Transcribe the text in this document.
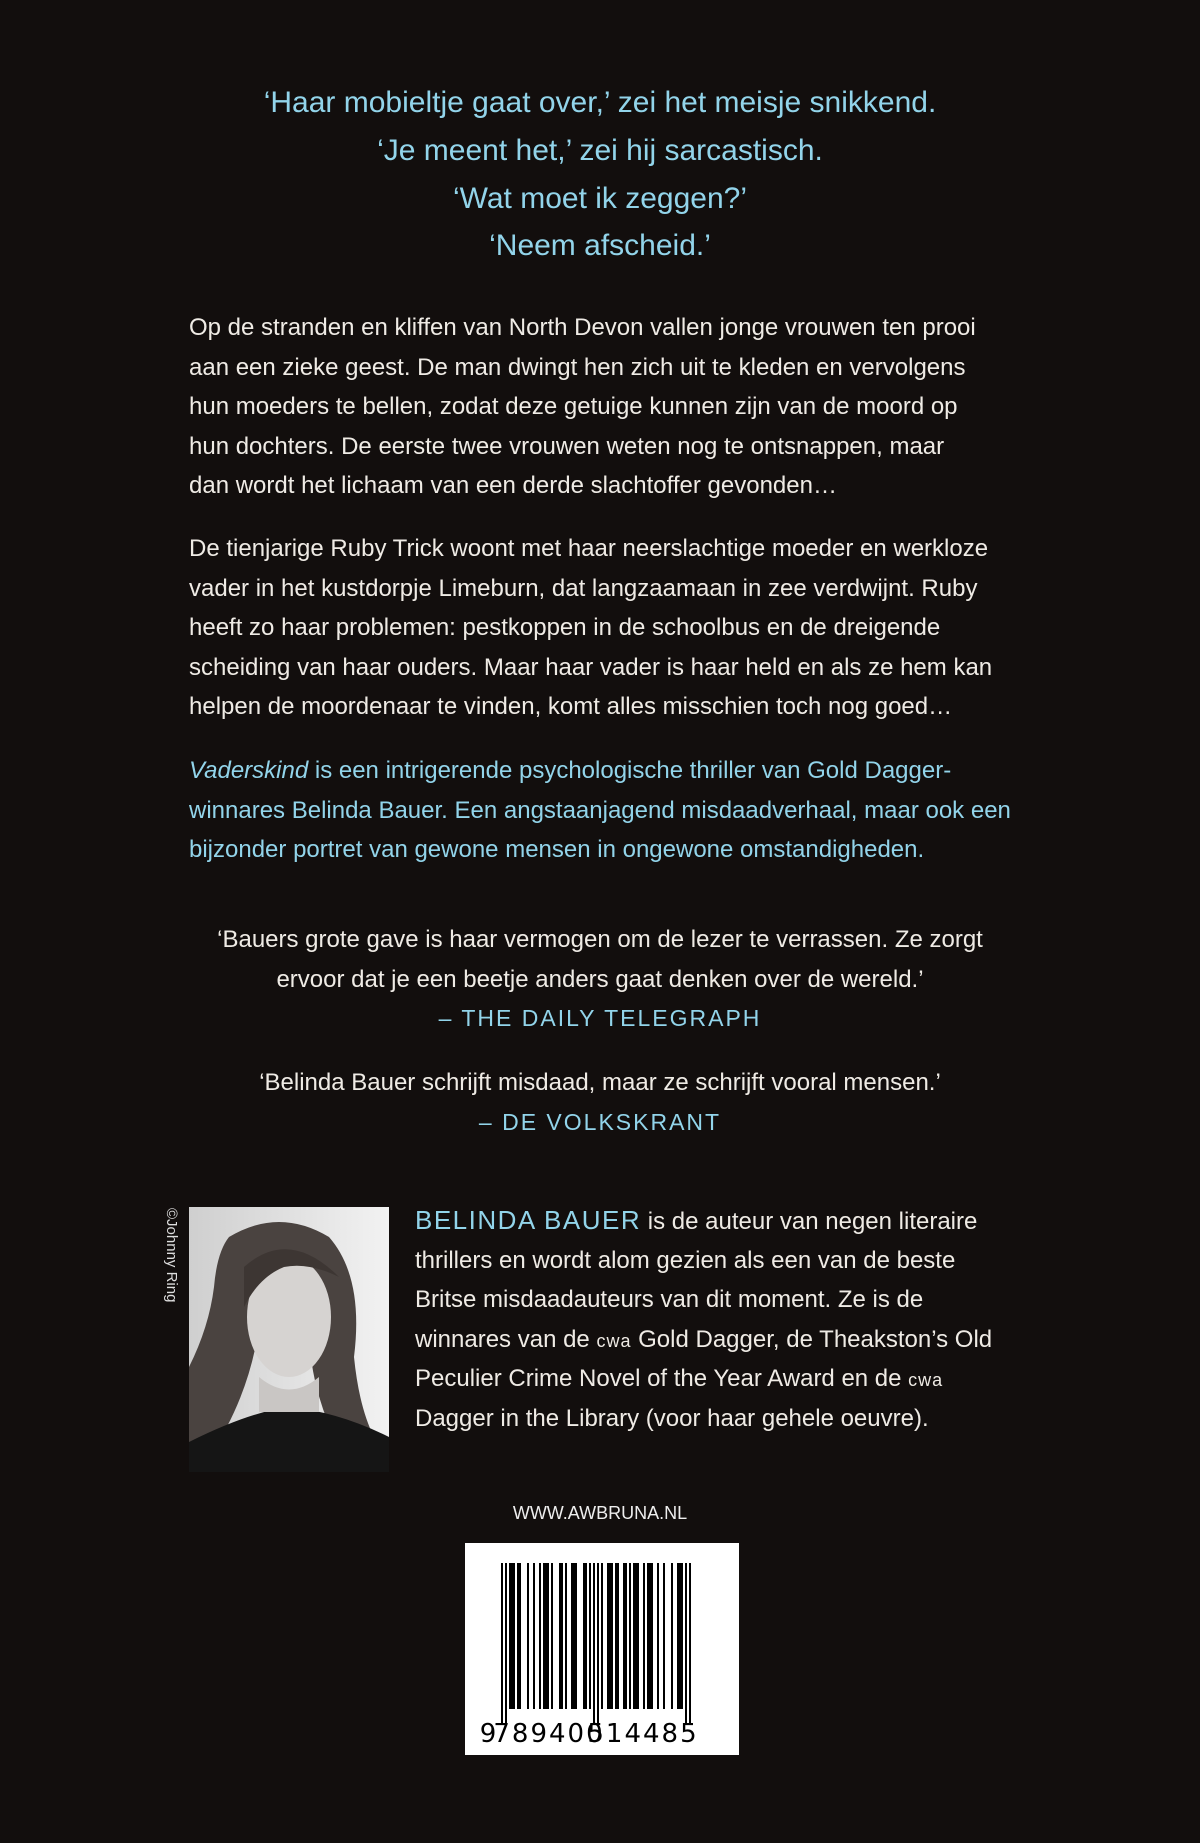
‘Haar mobieltje gaat over,’ zei het meisje snikkend.
‘Je meent het,’ zei hij sarcastisch.
‘Wat moet ik zeggen?’
‘Neem afscheid.’
Op de stranden en kliffen van North Devon vallen jonge vrouwen ten prooi
aan een zieke geest. De man dwingt hen zich uit te kleden en vervolgens
hun moeders te bellen, zodat deze getuige kunnen zijn van de moord op
hun dochters. De eerste twee vrouwen weten nog te ontsnappen, maar
dan wordt het lichaam van een derde slachtoffer gevonden…
De tienjarige Ruby Trick woont met haar neerslachtige moeder en werkloze
vader in het kustdorpje Limeburn, dat langzaamaan in zee verdwijnt. Ruby
heeft zo haar problemen: pestkoppen in de schoolbus en de dreigende
scheiding van haar ouders. Maar haar vader is haar held en als ze hem kan
helpen de moordenaar te vinden, komt alles misschien toch nog goed…
Vaderskind is een intrigerende psychologische thriller van Gold Dagger-
winnares Belinda Bauer. Een angstaanjagend misdaadverhaal, maar ook een
bijzonder portret van gewone mensen in ongewone omstandigheden.
‘Bauers grote gave is haar vermogen om de lezer te verrassen. Ze zorgt
ervoor dat je een beetje anders gaat denken over de wereld.’
– THE DAILY TELEGRAPH
‘Belinda Bauer schrijft misdaad, maar ze schrijft vooral mensen.’
– DE VOLKSKRANT
©Johnny Ring	BELINDA BAUER is de auteur van negen literaire
thrillers en wordt alom gezien als een van de beste
Britse misdaadauteurs van dit moment. Ze is de
winnares van de cwa Gold Dagger, de Theakston’s Old
Peculier Crime Novel of the Year Award en de cwa
Dagger in the Library (voor haar gehele oeuvre).
WWW.AWBRUNA.NL
9
789400
514485
